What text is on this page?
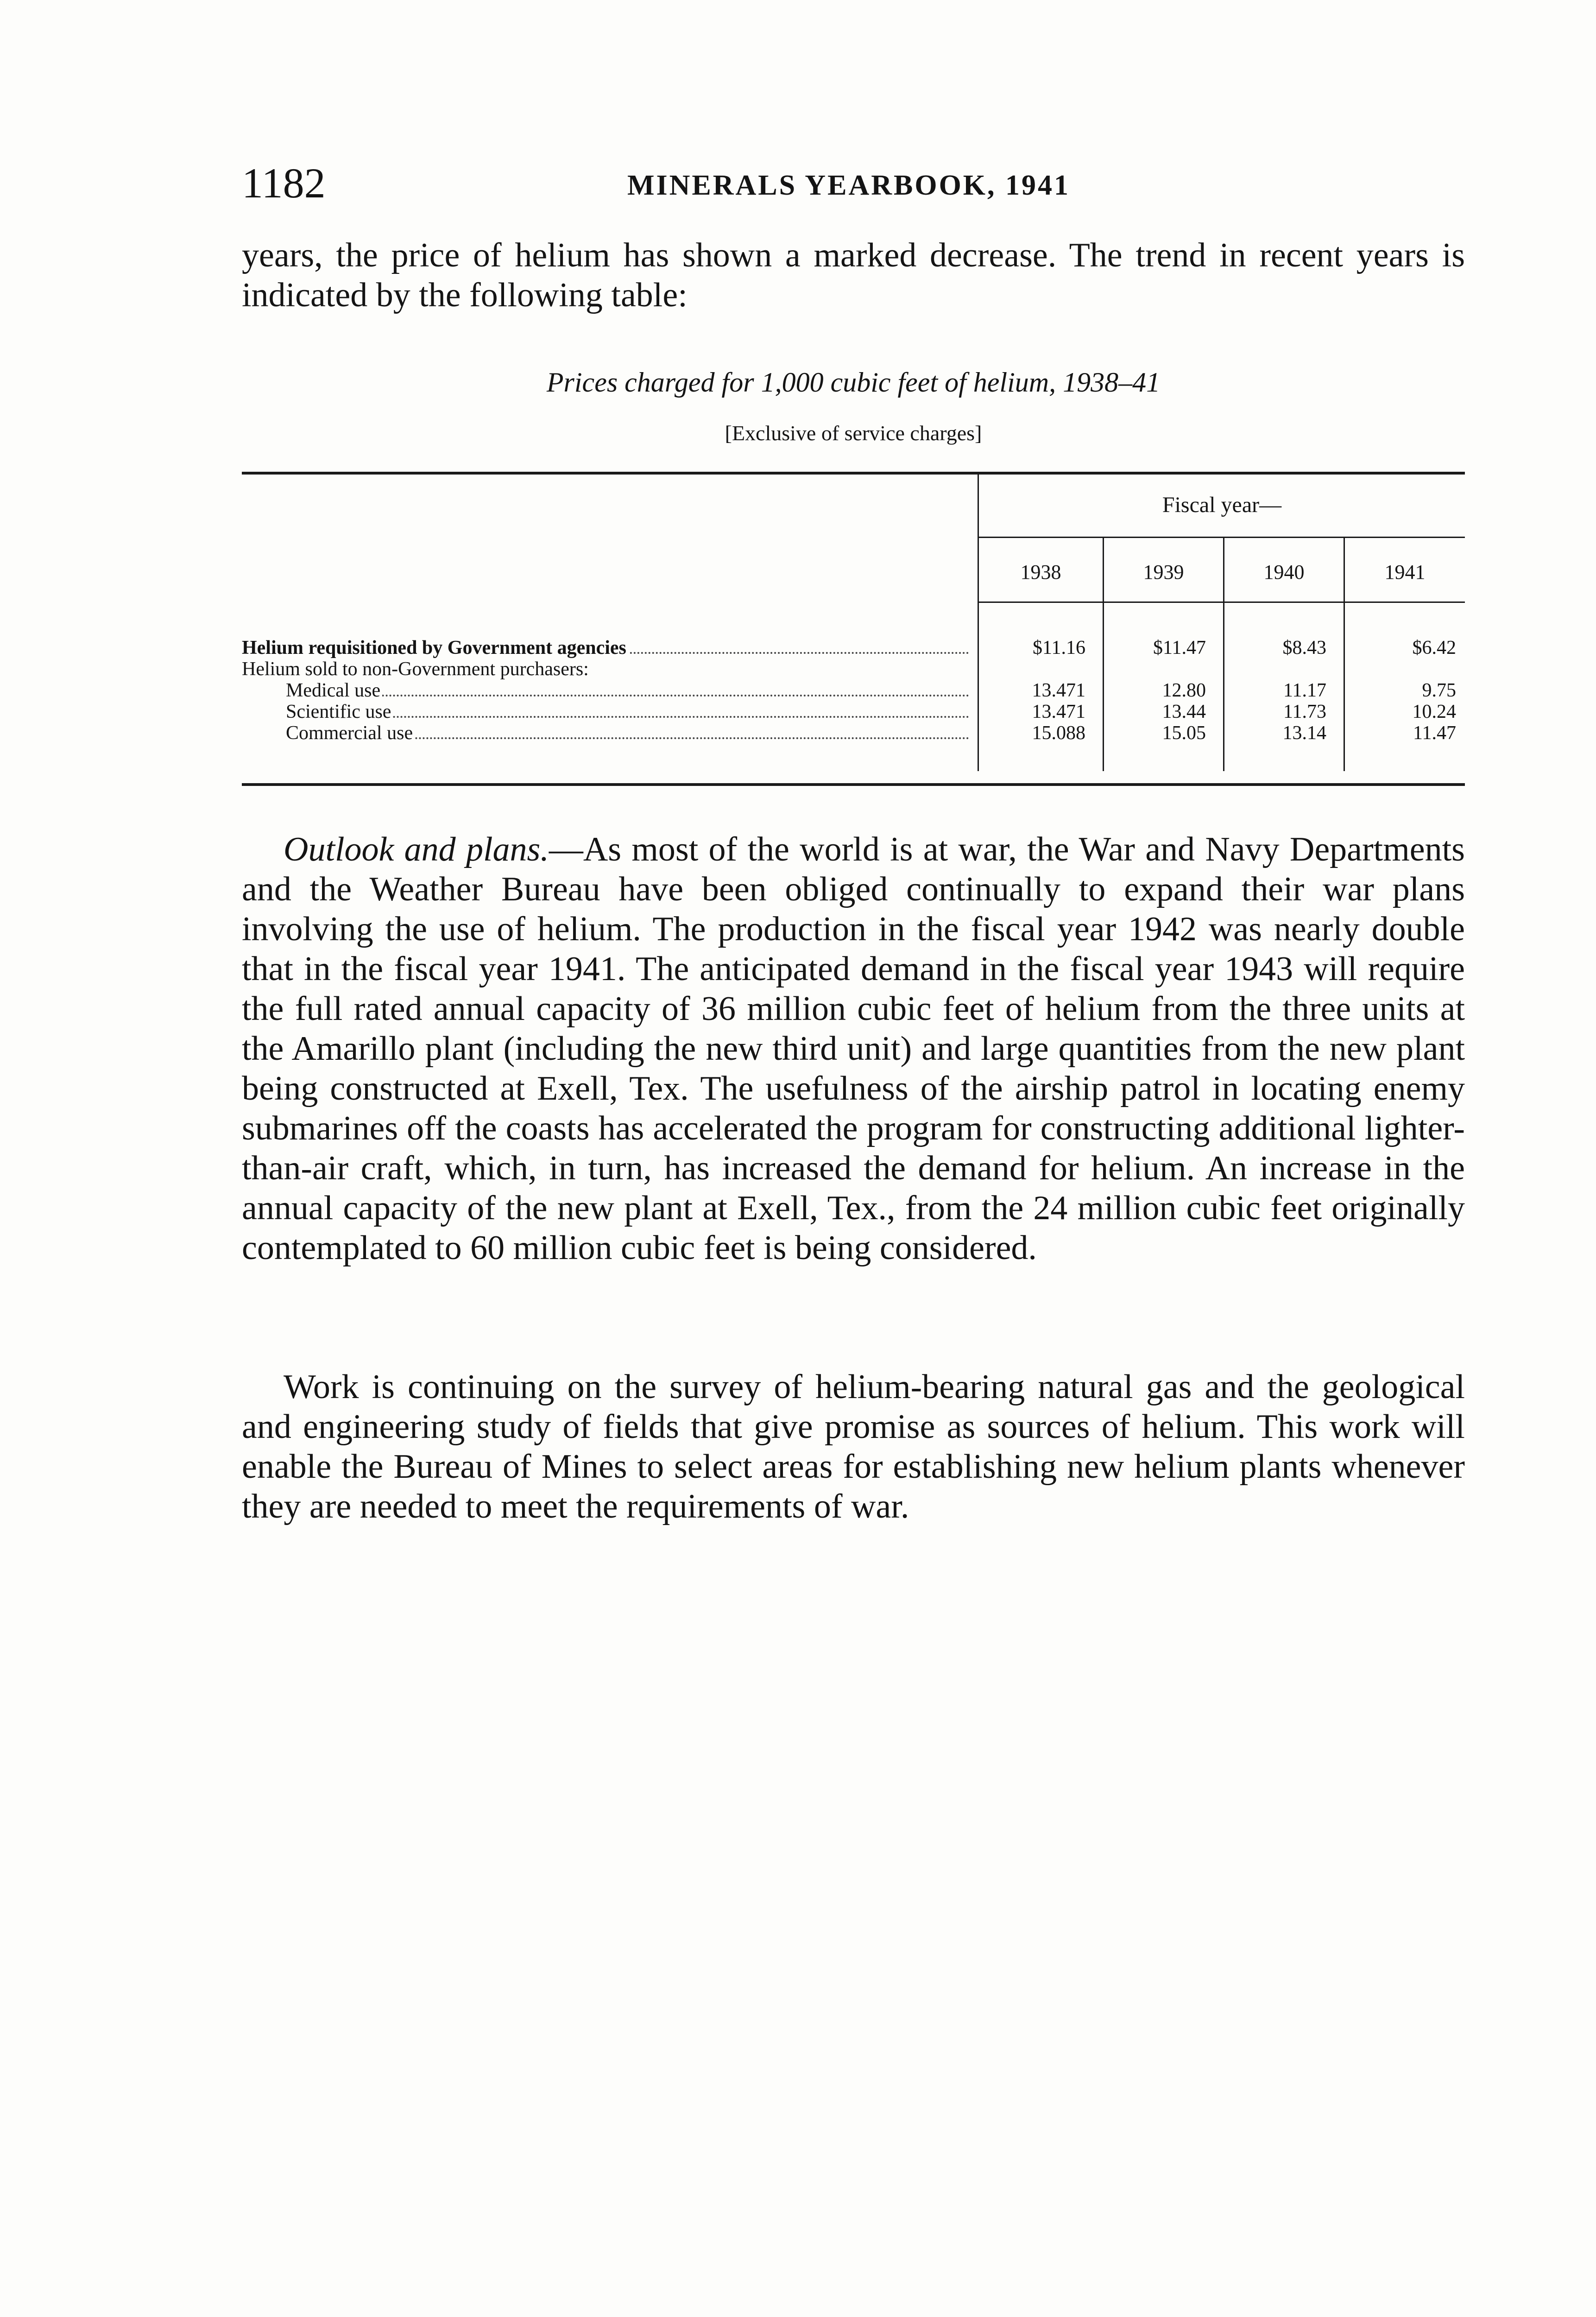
1182	MINERALS YEARBOOK, 1941

years, the price of helium has shown a marked decrease. The trend in recent years is indicated by the following table:

Prices charged for 1,000 cubic feet of helium, 1938–41
[Exclusive of service charges]
Fiscal year—
1938	1939	1940	1941
Helium requisitioned by Government agencies	$11.16	$11.47	$8.43	$6.42
Helium sold to non-Government purchasers:
Medical use	13.471	12.80	11.17	9.75
Scientific use	13.471	13.44	11.73	10.24
Commercial use	15.088	15.05	13.14	11.47

Outlook and plans.—As most of the world is at war, the War and Navy Departments and the Weather Bureau have been obliged continually to expand their war plans involving the use of helium. The production in the fiscal year 1942 was nearly double that in the fiscal year 1941. The anticipated demand in the fiscal year 1943 will require the full rated annual capacity of 36 million cubic feet of helium from the three units at the Amarillo plant (including the new third unit) and large quantities from the new plant being constructed at Exell, Tex. The usefulness of the airship patrol in locating enemy submarines off the coasts has accelerated the program for constructing additional lighter-than-air craft, which, in turn, has increased the demand for helium. An increase in the annual capacity of the new plant at Exell, Tex., from the 24 million cubic feet originally contemplated to 60 million cubic feet is being considered.

Work is continuing on the survey of helium-bearing natural gas and the geological and engineering study of fields that give promise as sources of helium. This work will enable the Bureau of Mines to select areas for establishing new helium plants whenever they are needed to meet the requirements of war.
